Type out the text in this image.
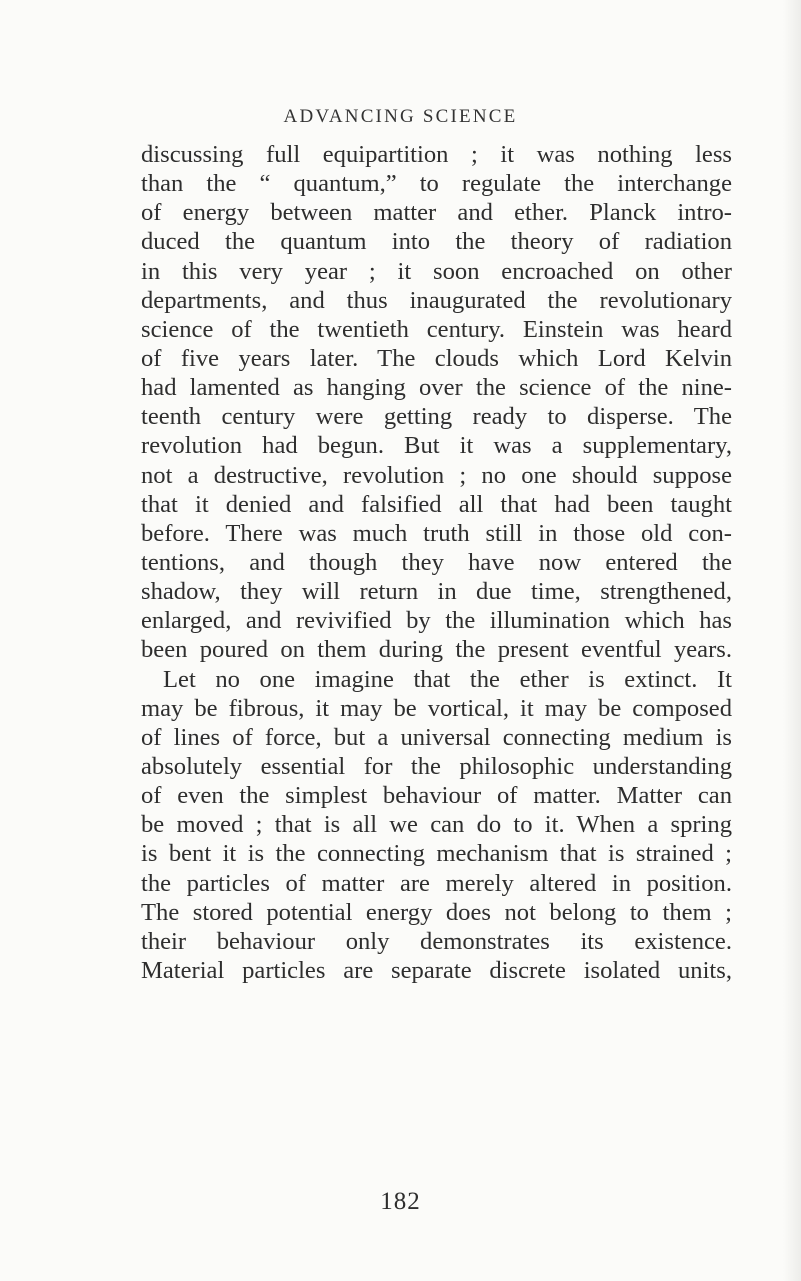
ADVANCING SCIENCE
discussing full equipartition ; it was nothing less
than the “ quantum,” to regulate the interchange
of energy between matter and ether. Planck intro-
duced the quantum into the theory of radiation
in this very year ; it soon encroached on other
departments, and thus inaugurated the revolutionary
science of the twentieth century. Einstein was heard
of five years later. The clouds which Lord Kelvin
had lamented as hanging over the science of the nine-
teenth century were getting ready to disperse. The
revolution had begun. But it was a supplementary,
not a destructive, revolution ; no one should suppose
that it denied and falsified all that had been taught
before. There was much truth still in those old con-
tentions, and though they have now entered the
shadow, they will return in due time, strengthened,
enlarged, and revivified by the illumination which has
been poured on them during the present eventful years.
Let no one imagine that the ether is extinct. It
may be fibrous, it may be vortical, it may be composed
of lines of force, but a universal connecting medium is
absolutely essential for the philosophic understanding
of even the simplest behaviour of matter. Matter can
be moved ; that is all we can do to it. When a spring
is bent it is the connecting mechanism that is strained ;
the particles of matter are merely altered in position.
The stored potential energy does not belong to them ;
their behaviour only demonstrates its existence.
Material particles are separate discrete isolated units,
182
